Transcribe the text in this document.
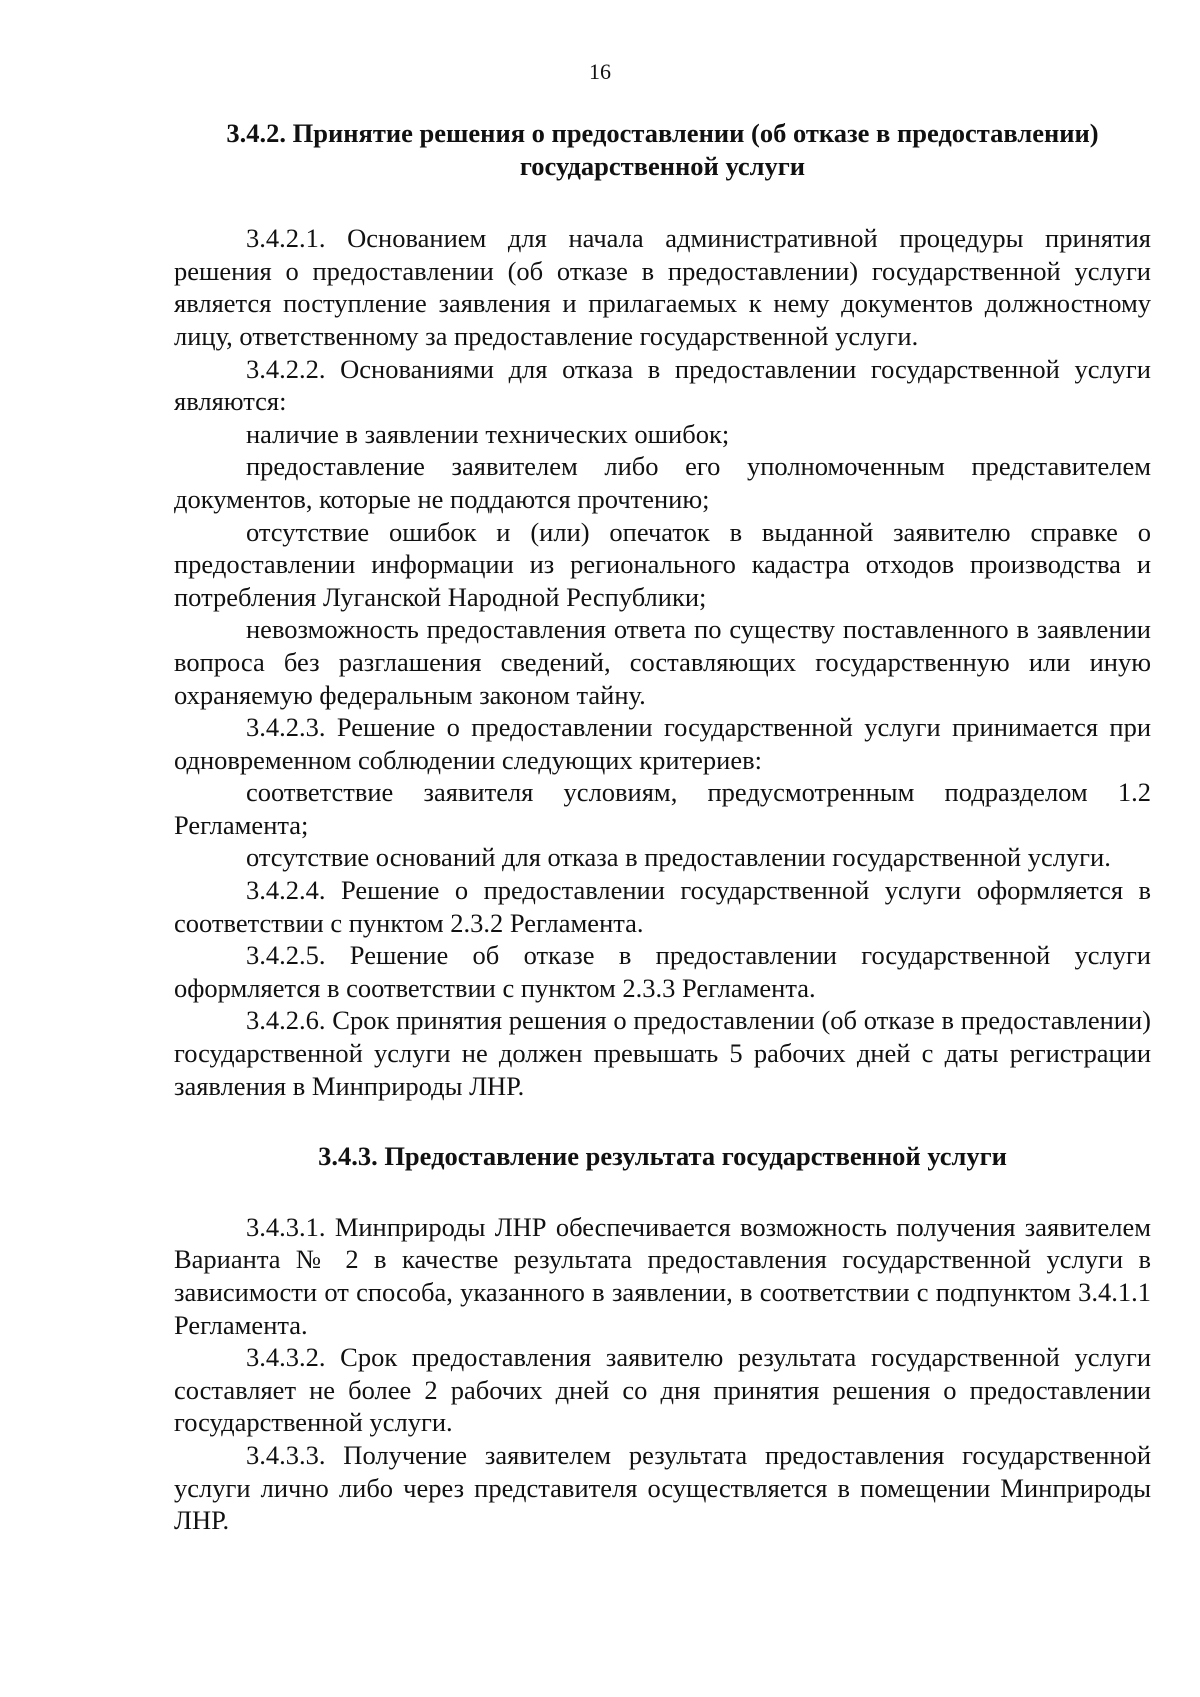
16

3.4.2. Принятие решения о предоставлении (об отказе в предоставлении) государственной услуги

3.4.2.1. Основанием для начала административной процедуры принятия решения о предоставлении (об отказе в предоставлении) государственной услуги является поступление заявления и прилагаемых к нему документов должностному лицу, ответственному за предоставление государственной услуги.

3.4.2.2. Основаниями для отказа в предоставлении государственной услуги являются:

наличие в заявлении технических ошибок;

предоставление заявителем либо его уполномоченным представителем документов, которые не поддаются прочтению;

отсутствие ошибок и (или) опечаток в выданной заявителю справке о предоставлении информации из регионального кадастра отходов производства и потребления Луганской Народной Республики;

невозможность предоставления ответа по существу поставленного в заявлении вопроса без разглашения сведений, составляющих государственную или иную охраняемую федеральным законом тайну.

3.4.2.3. Решение о предоставлении государственной услуги принимается при одновременном соблюдении следующих критериев:

соответствие заявителя условиям, предусмотренным подразделом 1.2 Регламента;

отсутствие оснований для отказа в предоставлении государственной услуги.

3.4.2.4. Решение о предоставлении государственной услуги оформляется в соответствии с пунктом 2.3.2 Регламента.

3.4.2.5. Решение об отказе в предоставлении государственной услуги оформляется в соответствии с пунктом 2.3.3 Регламента.

3.4.2.6. Срок принятия решения о предоставлении (об отказе в предоставлении) государственной услуги не должен превышать 5 рабочих дней с даты регистрации заявления в Минприроды ЛНР.

3.4.3. Предоставление результата государственной услуги

3.4.3.1. Минприроды ЛНР обеспечивается возможность получения заявителем Варианта № 2 в качестве результата предоставления государственной услуги в зависимости от способа, указанного в заявлении, в соответствии с подпунктом 3.4.1.1 Регламента.

3.4.3.2. Срок предоставления заявителю результата государственной услуги составляет не более 2 рабочих дней со дня принятия решения о предоставлении государственной услуги.

3.4.3.3. Получение заявителем результата предоставления государственной услуги лично либо через представителя осуществляется в помещении Минприроды ЛНР.
